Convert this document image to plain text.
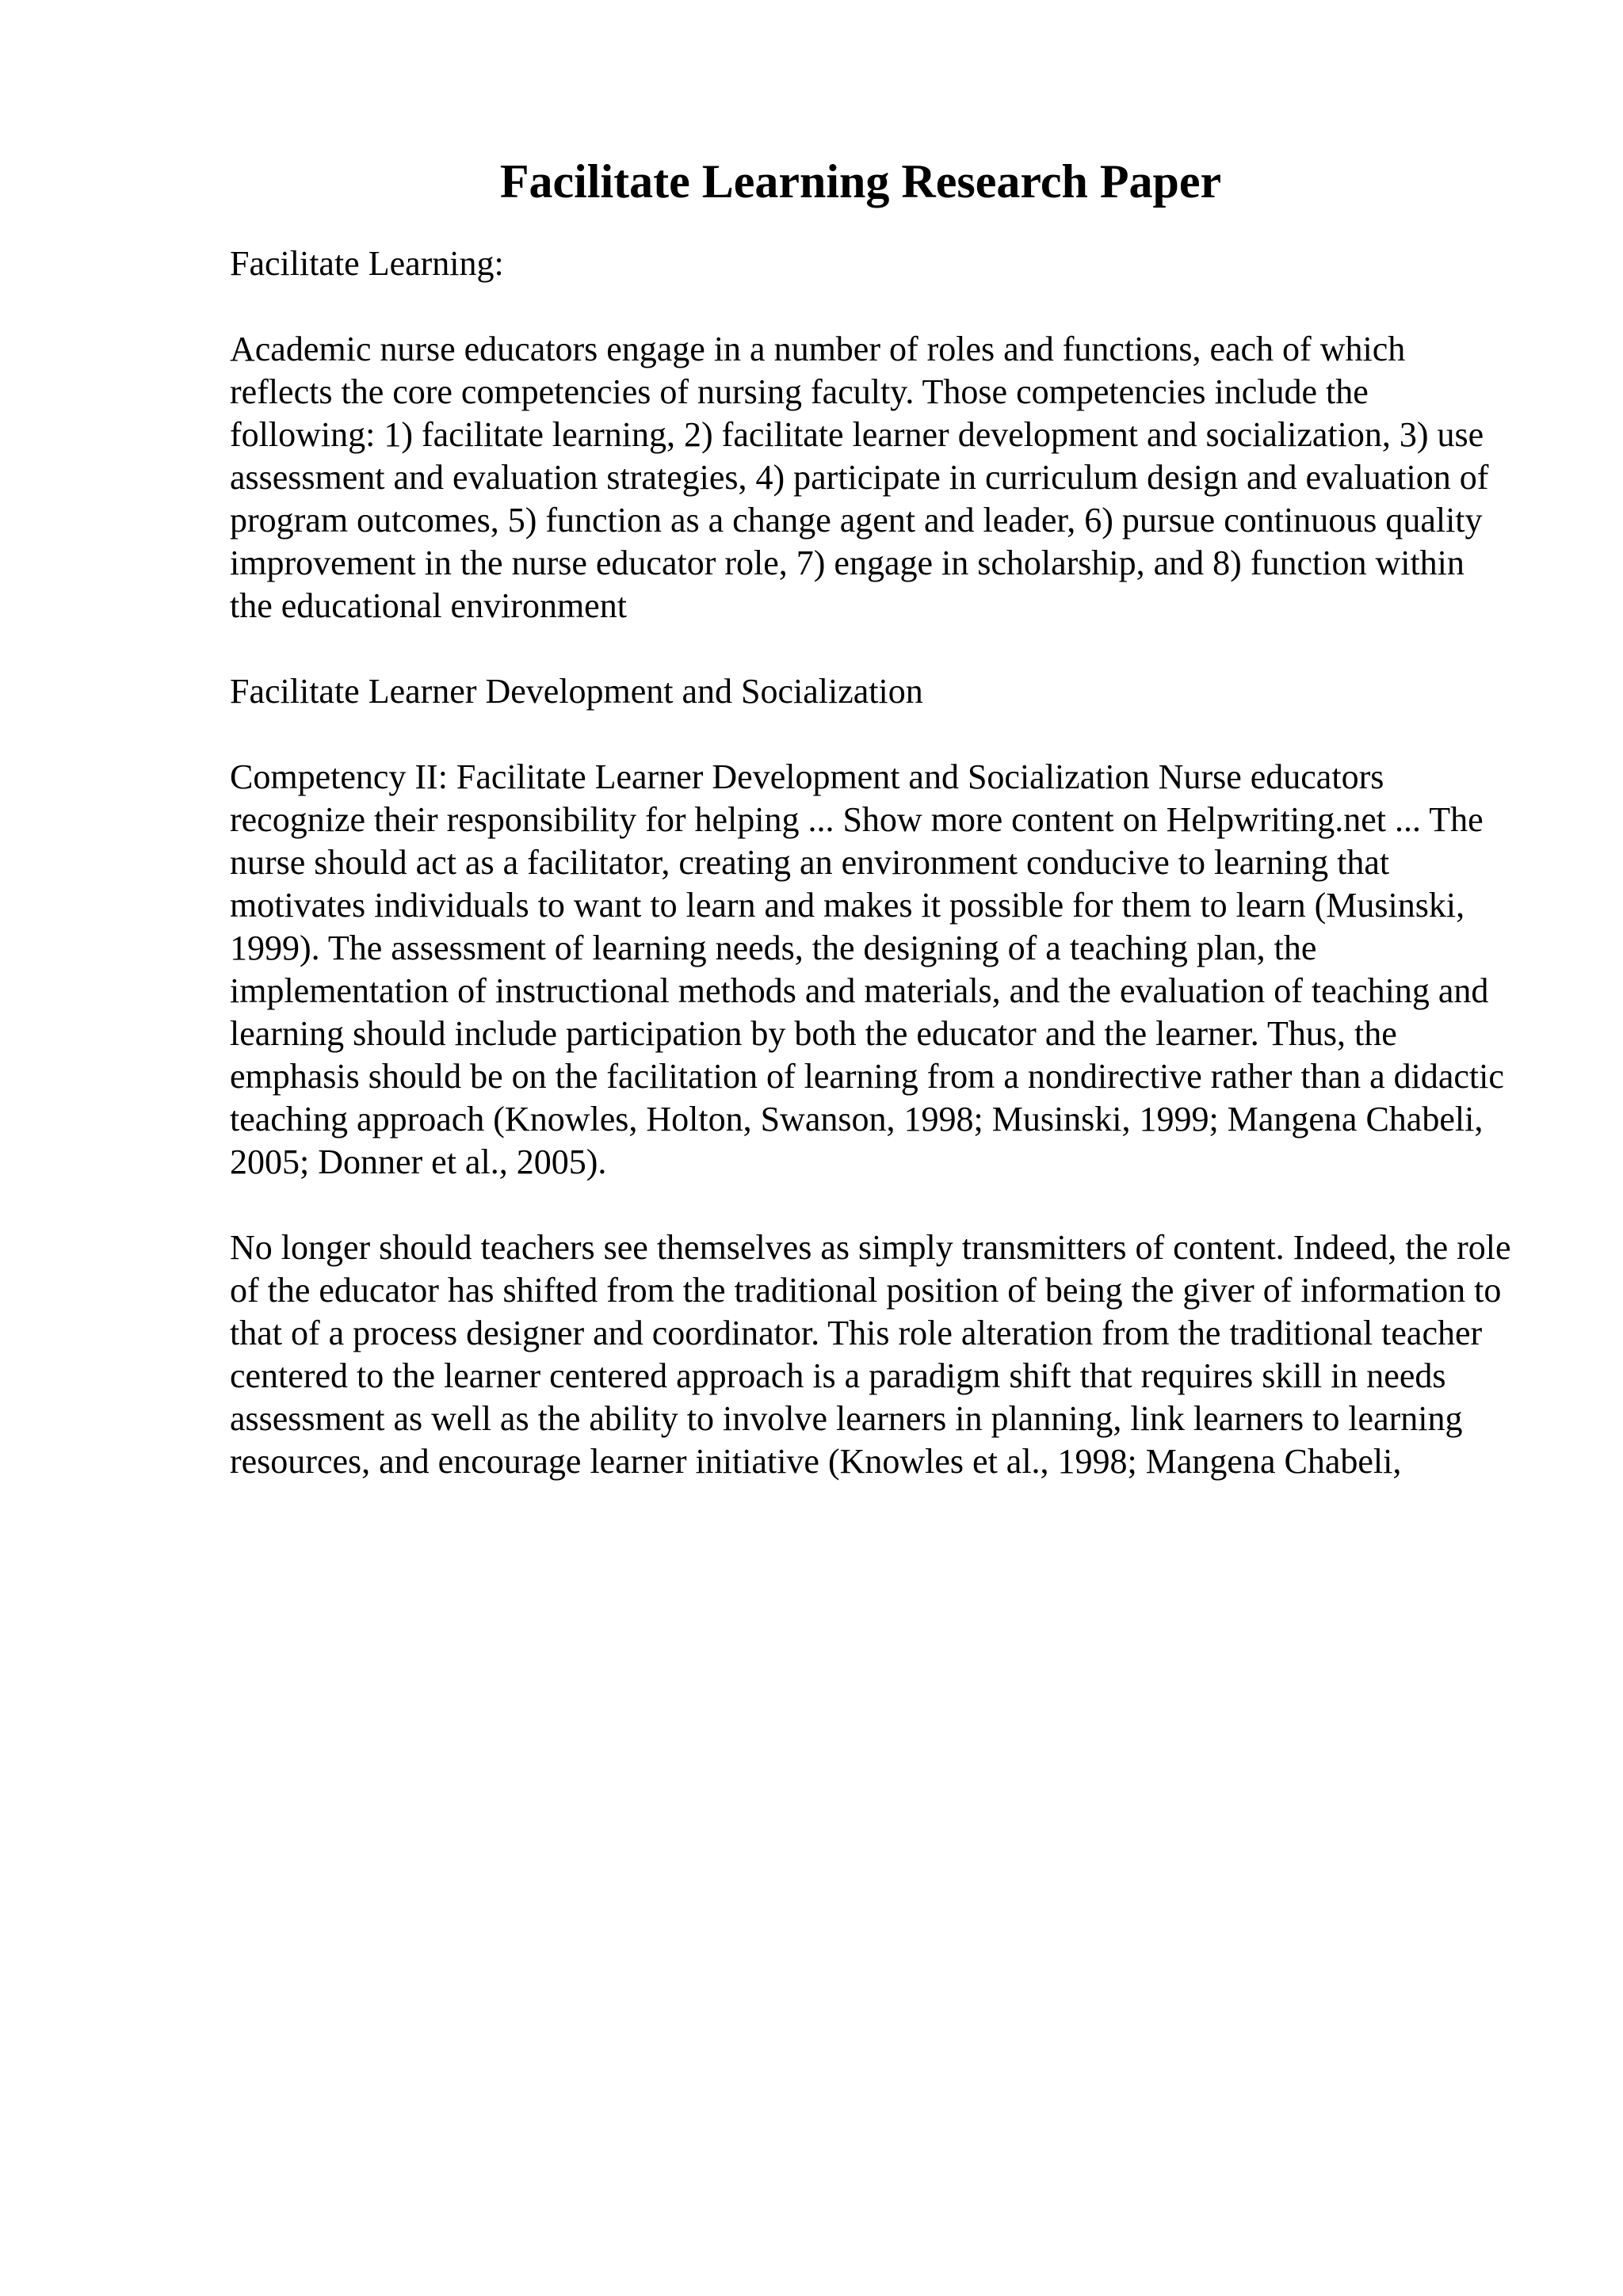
Facilitate Learning Research Paper

Facilitate Learning:

Academic nurse educators engage in a number of roles and functions, each of which reflects the core competencies of nursing faculty. Those competencies include the following: 1) facilitate learning, 2) facilitate learner development and socialization, 3) use assessment and evaluation strategies, 4) participate in curriculum design and evaluation of program outcomes, 5) function as a change agent and leader, 6) pursue continuous quality improvement in the nurse educator role, 7) engage in scholarship, and 8) function within the educational environment

Facilitate Learner Development and Socialization

Competency II: Facilitate Learner Development and Socialization Nurse educators recognize their responsibility for helping ... Show more content on Helpwriting.net ... The nurse should act as a facilitator, creating an environment conducive to learning that motivates individuals to want to learn and makes it possible for them to learn (Musinski, 1999). The assessment of learning needs, the designing of a teaching plan, the implementation of instructional methods and materials, and the evaluation of teaching and learning should include participation by both the educator and the learner. Thus, the emphasis should be on the facilitation of learning from a nondirective rather than a didactic teaching approach (Knowles, Holton, Swanson, 1998; Musinski, 1999; Mangena Chabeli, 2005; Donner et al., 2005).

No longer should teachers see themselves as simply transmitters of content. Indeed, the role of the educator has shifted from the traditional position of being the giver of information to that of a process designer and coordinator. This role alteration from the traditional teacher centered to the learner centered approach is a paradigm shift that requires skill in needs assessment as well as the ability to involve learners in planning, link learners to learning resources, and encourage learner initiative (Knowles et al., 1998; Mangena Chabeli,
